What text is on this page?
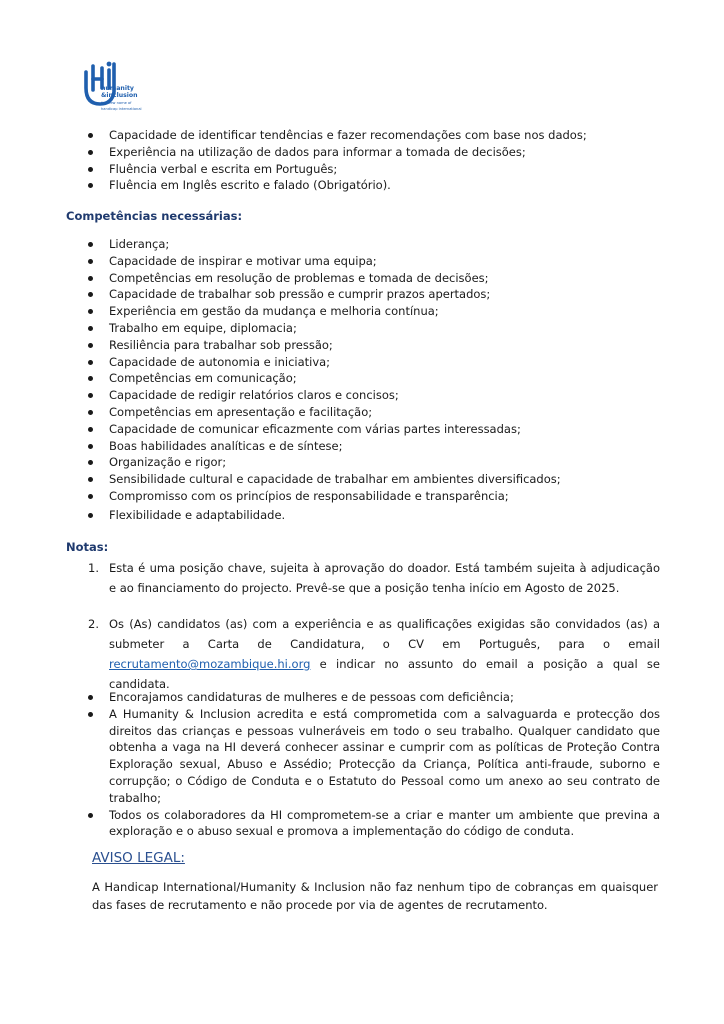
humanity
&inclusion
the new name of
handicap international
Capacidade de identificar tendências e fazer recomendações com base nos dados;
Experiência na utilização de dados para informar a tomada de decisões;
Fluência verbal e escrita em Português;
Fluência em Inglês escrito e falado (Obrigatório).
Competências necessárias:
Liderança;
Capacidade de inspirar e motivar uma equipa;
Competências em resolução de problemas e tomada de decisões;
Capacidade de trabalhar sob pressão e cumprir prazos apertados;
Experiência em gestão da mudança e melhoria contínua;
Trabalho em equipe, diplomacia;
Resiliência para trabalhar sob pressão;
Capacidade de autonomia e iniciativa;
Competências em comunicação;
Capacidade de redigir relatórios claros e concisos;
Competências em apresentação e facilitação;
Capacidade de comunicar eficazmente com várias partes interessadas;
Boas habilidades analíticas e de síntese;
Organização e rigor;
Sensibilidade cultural e capacidade de trabalhar em ambientes diversificados;
Compromisso com os princípios de responsabilidade e transparência;
Flexibilidade e adaptabilidade.
Notas:
1. Esta é uma posição chave, sujeita à aprovação do doador. Está também sujeita à adjudicação e ao financiamento do projecto. Prevê-se que a posição tenha início em Agosto de 2025.
2. Os (As) candidatos (as) com a experiência e as qualificações exigidas são convidados (as) a submeter a Carta de Candidatura, o CV em Português, para o email recrutamento@mozambique.hi.org e indicar no assunto do email a posição a qual se candidata.
Encorajamos candidaturas de mulheres e de pessoas com deficiência;
A Humanity & Inclusion acredita e está comprometida com a salvaguarda e protecção dos direitos das crianças e pessoas vulneráveis em todo o seu trabalho. Qualquer candidato que obtenha a vaga na HI deverá conhecer assinar e cumprir com as políticas de Proteção Contra Exploração sexual, Abuso e Assédio; Protecção da Criança, Política anti-fraude, suborno e corrupção; o Código de Conduta e o Estatuto do Pessoal como um anexo ao seu contrato de trabalho;
Todos os colaboradores da HI comprometem-se a criar e manter um ambiente que previna a exploração e o abuso sexual e promova a implementação do código de conduta.
AVISO LEGAL:
A Handicap International/Humanity & Inclusion não faz nenhum tipo de cobranças em quaisquer das fases de recrutamento e não procede por via de agentes de recrutamento.
